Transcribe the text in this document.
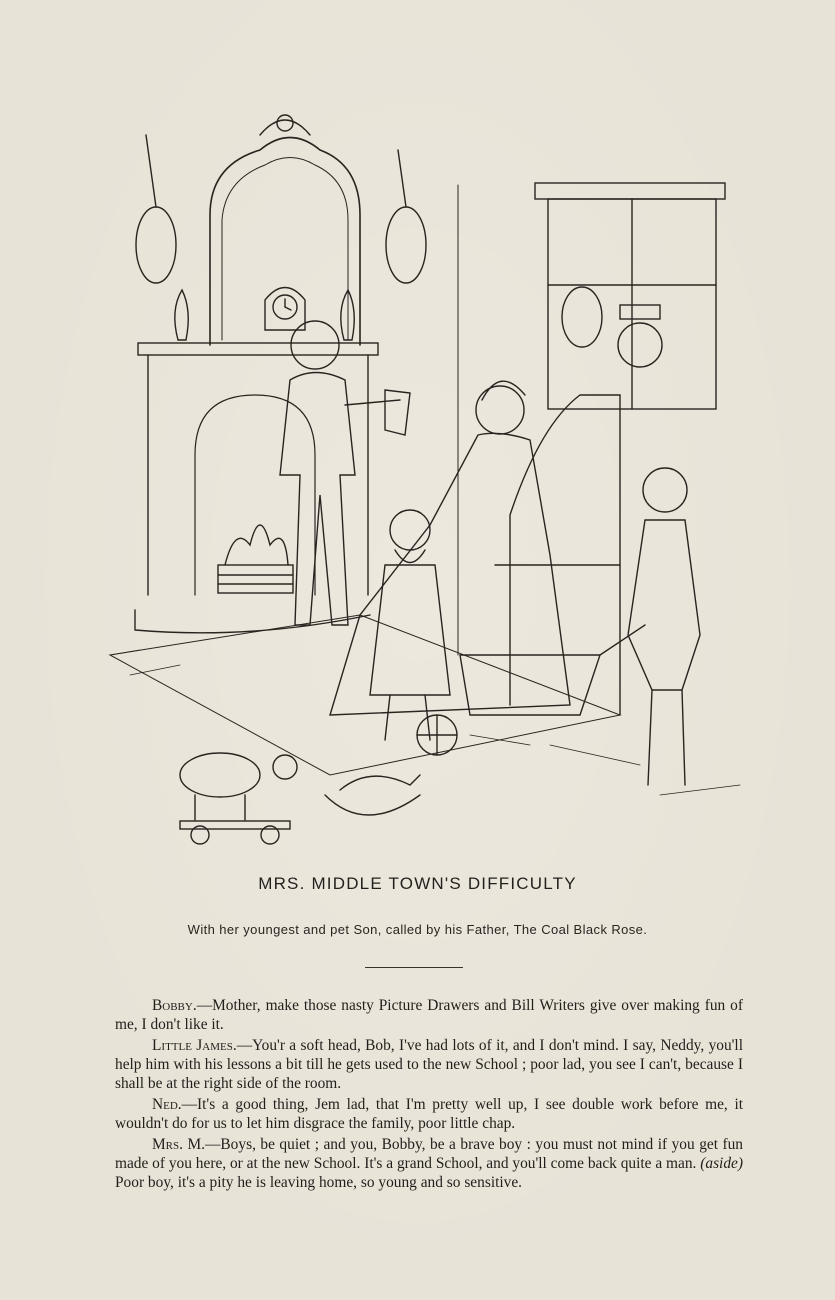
MRS. MIDDLE TOWN'S DIFFICULTY
With her youngest and pet Son, called by his Father, The Coal Black Rose.

Bobby.—Mother, make those nasty Picture Drawers and Bill Writers give over making fun of me, I don't like it.

Little James.—You'r a soft head, Bob, I've had lots of it, and I don't mind. I say, Neddy, you'll help him with his lessons a bit till he gets used to the new School ; poor lad, you see I can't, because I shall be at the right side of the room.

Ned.—It's a good thing, Jem lad, that I'm pretty well up, I see double work before me, it wouldn't do for us to let him disgrace the family, poor little chap.

Mrs. M.—Boys, be quiet ; and you, Bobby, be a brave boy : you must not mind if you get fun made of you here, or at the new School. It's a grand School, and you'll come back quite a man. (aside) Poor boy, it's a pity he is leaving home, so young and so sensitive.
